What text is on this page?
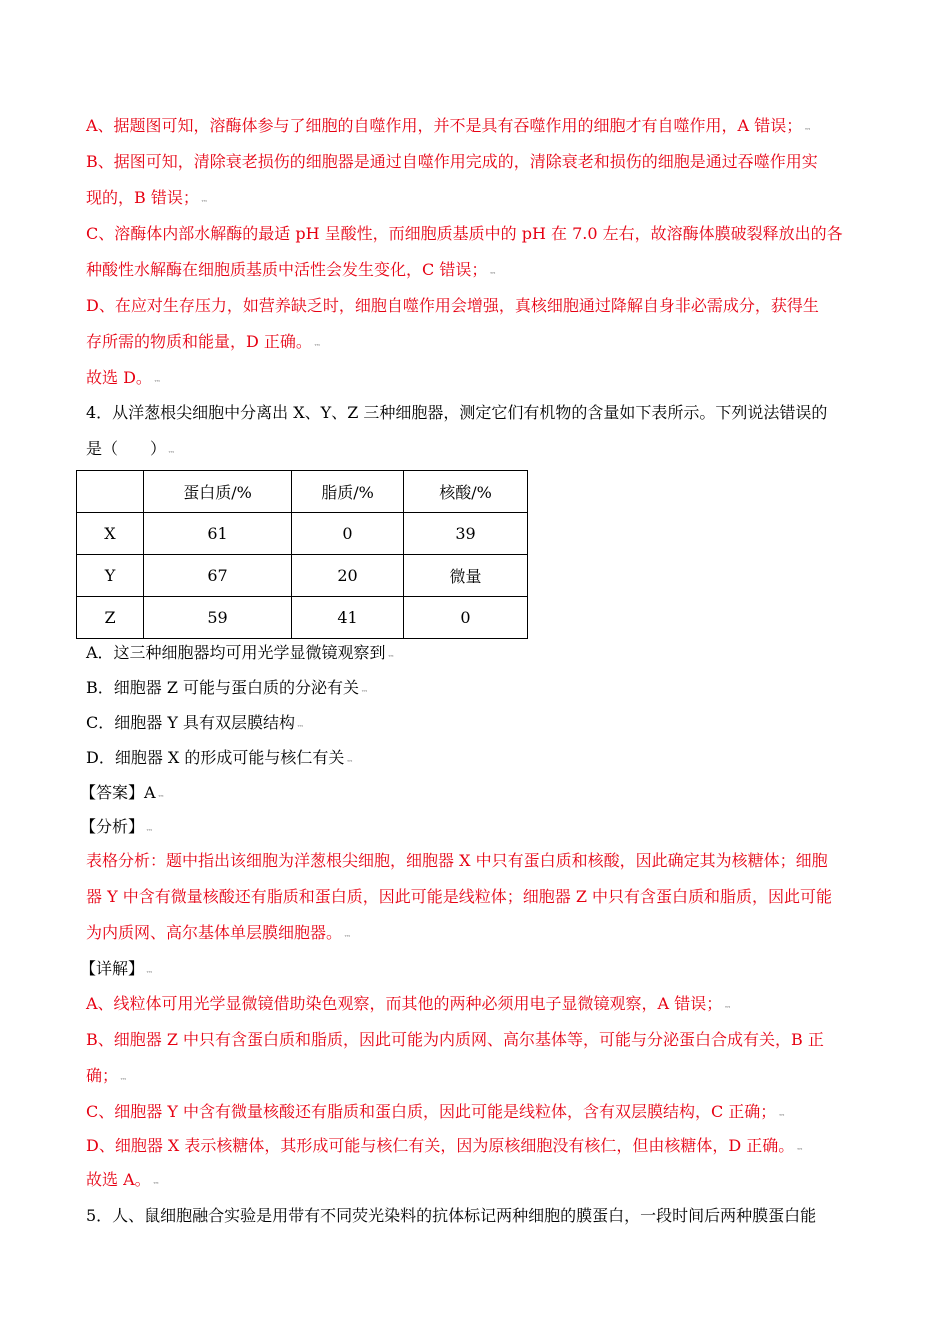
A、据题图可知，溶酶体参与了细胞的自噬作用，并不是具有吞噬作用的细胞才有自噬作用，A 错误； ™
B、据图可知，清除衰老损伤的细胞器是通过自噬作用完成的，清除衰老和损伤的细胞是通过吞噬作用实
现的，B 错误； ™
C、溶酶体内部水解酶的最适 pH 呈酸性，而细胞质基质中的 pH 在 7.0 左右，故溶酶体膜破裂释放出的各
种酸性水解酶在细胞质基质中活性会发生变化，C 错误； ™
D、在应对生存压力，如营养缺乏时，细胞自噬作用会增强，真核细胞通过降解自身非必需成分，获得生
存所需的物质和能量，D 正确。 ™
故选 D。 ™
4．从洋葱根尖细胞中分离出 X、Y、Z 三种细胞器，测定它们有机物的含量如下表所示。下列说法错误的
是（　　） ™
	蛋白质/%	脂质/%	核酸/%
X	61	0	39
Y	67	20	微量
Z	59	41	0
A．这三种细胞器均可用光学显微镜观察到 ™
B．细胞器 Z 可能与蛋白质的分泌有关 ™
C．细胞器 Y 具有双层膜结构 ™
D．细胞器 X 的形成可能与核仁有关 ™
【答案】A ™
【分析】 ™
表格分析：题中指出该细胞为洋葱根尖细胞，细胞器 X 中只有蛋白质和核酸，因此确定其为核糖体；细胞
器 Y 中含有微量核酸还有脂质和蛋白质，因此可能是线粒体；细胞器 Z 中只有含蛋白质和脂质，因此可能
为内质网、高尔基体单层膜细胞器。 ™
【详解】 ™
A、线粒体可用光学显微镜借助染色观察，而其他的两种必须用电子显微镜观察，A 错误； ™
B、细胞器 Z 中只有含蛋白质和脂质，因此可能为内质网、高尔基体等，可能与分泌蛋白合成有关，B 正
确； ™
C、细胞器 Y 中含有微量核酸还有脂质和蛋白质，因此可能是线粒体，含有双层膜结构，C 正确； ™
D、细胞器 X 表示核糖体，其形成可能与核仁有关，因为原核细胞没有核仁，但由核糖体，D 正确。 ™
故选 A。 ™
5．人、鼠细胞融合实验是用带有不同荧光染料的抗体标记两种细胞的膜蛋白，一段时间后两种膜蛋白能
